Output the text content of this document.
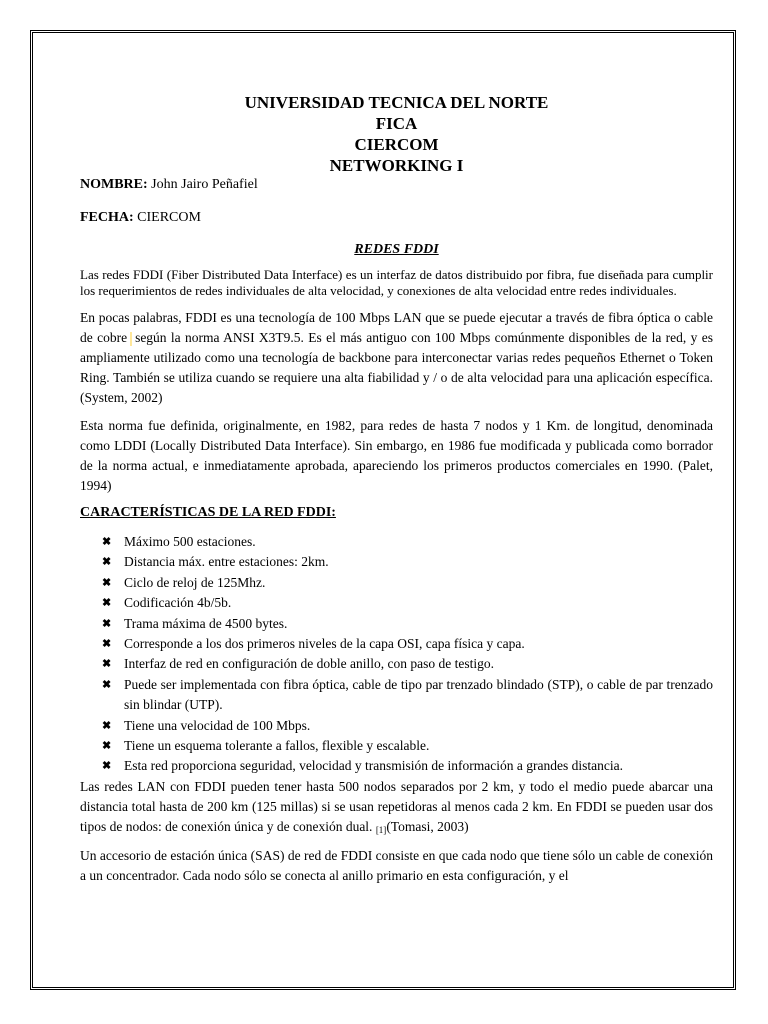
UNIVERSIDAD TECNICA DEL NORTE
FICA
CIERCOM
NETWORKING I

NOMBRE: John Jairo Peñafiel

FECHA: CIERCOM

REDES FDDI

Las redes FDDI (Fiber Distributed Data Interface) es un interfaz de datos distribuido por fibra, fue diseñada para cumplir los requerimientos de redes individuales de alta velocidad, y conexiones de alta velocidad entre redes individuales.

En pocas palabras, FDDI es una tecnología de 100 Mbps LAN que se puede ejecutar a través de fibra óptica o cable de cobre según la norma ANSI X3T9.5. Es el más antiguo con 100 Mbps comúnmente disponibles de la red, y es ampliamente utilizado como una tecnología de backbone para interconectar varias redes pequeños Ethernet o Token Ring. También se utiliza cuando se requiere una alta fiabilidad y / o de alta velocidad para una aplicación específica. (System, 2002)

Esta norma fue definida, originalmente, en 1982, para redes de hasta 7 nodos y 1 Km. de longitud, denominada como LDDI (Locally Distributed Data Interface). Sin embargo, en 1986 fue modificada y publicada como borrador de la norma actual, e inmediatamente aprobada, apareciendo los primeros productos comerciales en 1990. (Palet, 1994)

CARACTERÍSTICAS DE LA RED FDDI:
✖ Máximo 500 estaciones.
✖ Distancia máx. entre estaciones: 2km.
✖ Ciclo de reloj de 125Mhz.
✖ Codificación 4b/5b.
✖ Trama máxima de 4500 bytes.
✖ Corresponde a los dos primeros niveles de la capa OSI, capa física y capa.
✖ Interfaz de red en configuración de doble anillo, con paso de testigo.
✖ Puede ser implementada con fibra óptica, cable de tipo par trenzado blindado (STP), o cable de par trenzado sin blindar (UTP).
✖ Tiene una velocidad de 100 Mbps.
✖ Tiene un esquema tolerante a fallos, flexible y escalable.
✖ Esta red proporciona seguridad, velocidad y transmisión de información a grandes distancia.

Las redes LAN con FDDI pueden tener hasta 500 nodos separados por 2 km, y todo el medio puede abarcar una distancia total hasta de 200 km (125 millas) si se usan repetidoras al menos cada 2 km. En FDDI se pueden usar dos tipos de nodos: de conexión única y de conexión dual. [1](Tomasi, 2003)

Un accesorio de estación única (SAS) de red de FDDI consiste en que cada nodo que tiene sólo un cable de conexión a un concentrador. Cada nodo sólo se conecta al anillo primario en esta configuración, y el
